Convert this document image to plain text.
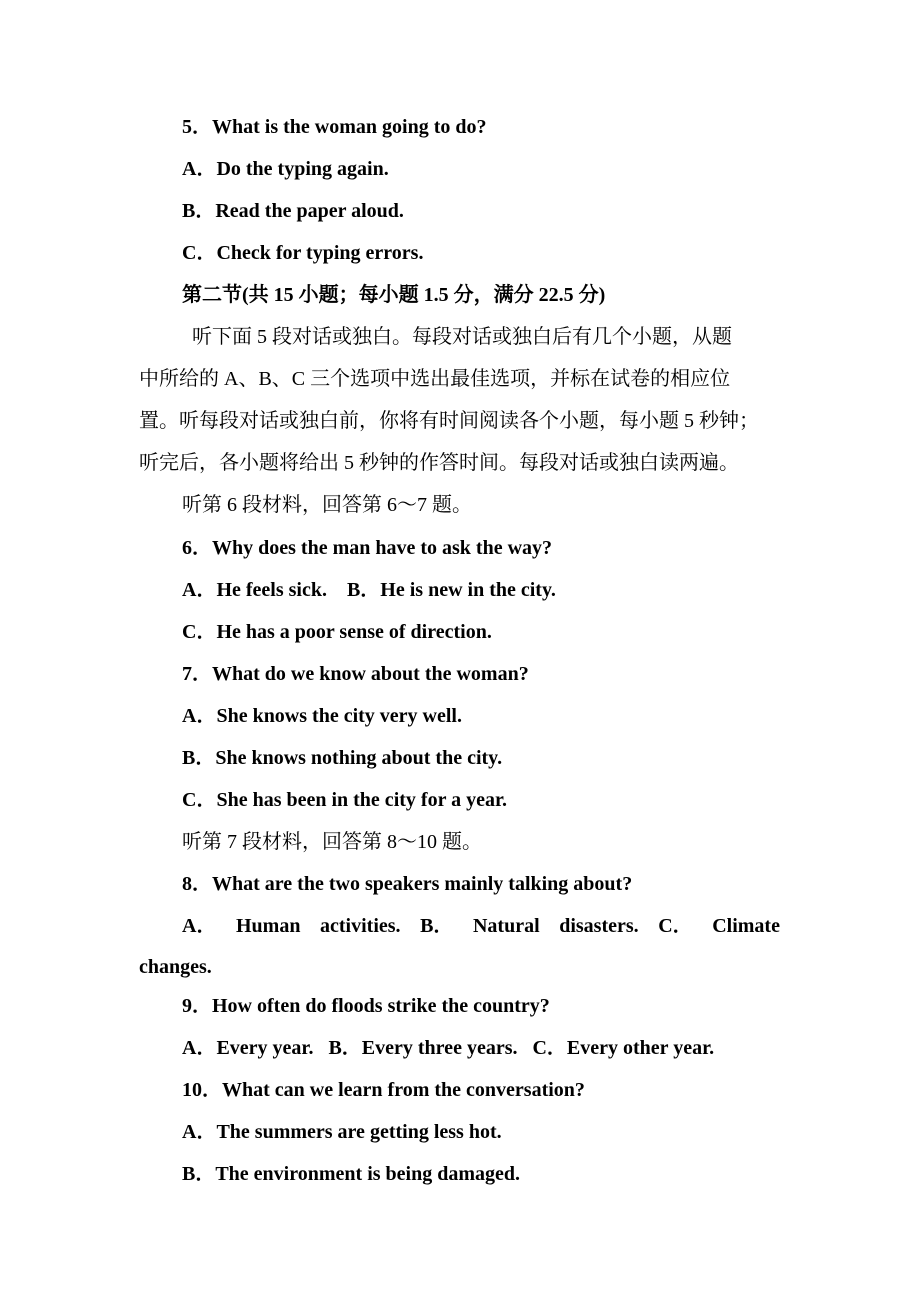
5．What is the woman going to do?
A．Do the typing again.
B．Read the paper aloud.
C．Check for typing errors.
第二节(共 15 小题；每小题 1.5 分，满分 22.5 分)
听下面 5 段对话或独白。每段对话或独白后有几个小题，从题
中所给的 A、B、C 三个选项中选出最佳选项，并标在试卷的相应位
置。听每段对话或独白前，你将有时间阅读各个小题，每小题 5 秒钟；
听完后，各小题将给出 5 秒钟的作答时间。每段对话或独白读两遍。
听第 6 段材料，回答第 6～7 题。
6．Why does the man have to ask the way?
A．He feels sick.    B．He is new in the city.
C．He has a poor sense of direction.
7．What do we know about the woman?
A．She knows the city very well.
B．She knows nothing about the city.
C．She has been in the city for a year.
听第 7 段材料，回答第 8～10 题。
8．What are the two speakers mainly talking about?
A． Human activities. B． Natural disasters. C． Climate
changes.
9．How often do floods strike the country?
A．Every year.   B．Every three years.   C．Every other year.
10．What can we learn from the conversation?
A．The summers are getting less hot.
B．The environment is being damaged.
